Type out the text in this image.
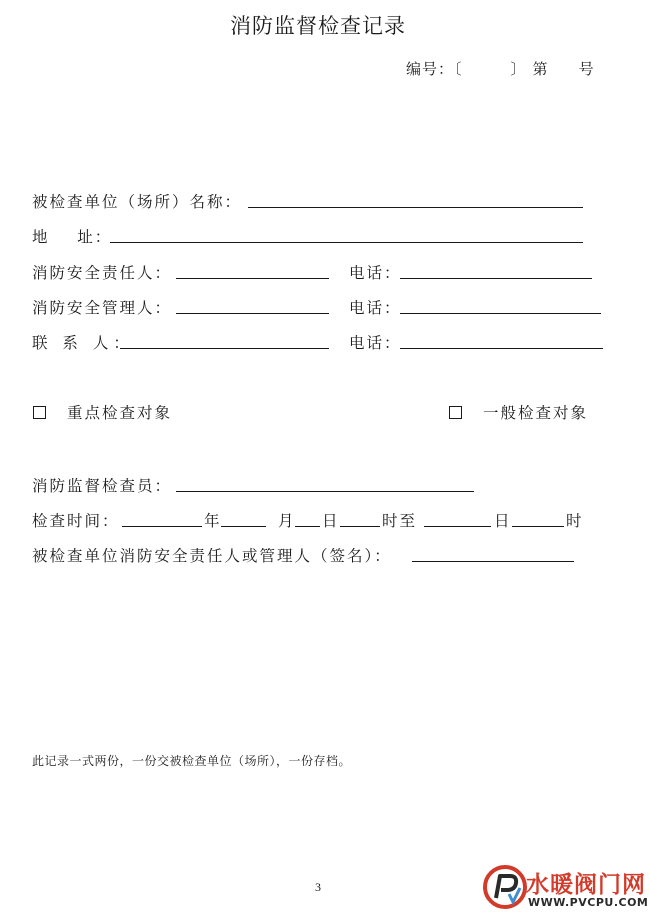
消防监督检查记录
编号：〔	〕 第 号
被检查单位（场所）名称：
地    址：
消防安全责任人：	电话：
消防安全管理人：	电话：
联 系 人：	电话：
重点检查对象	一般检查对象
消防监督检查员：
检查时间：	年	月 日	时至	日	时
被检查单位消防安全责任人或管理人（签名）：
此记录一式两份，一份交被检查单位（场所），一份存档。
3	水暖阀门网
WWW.PVCPU.COM
